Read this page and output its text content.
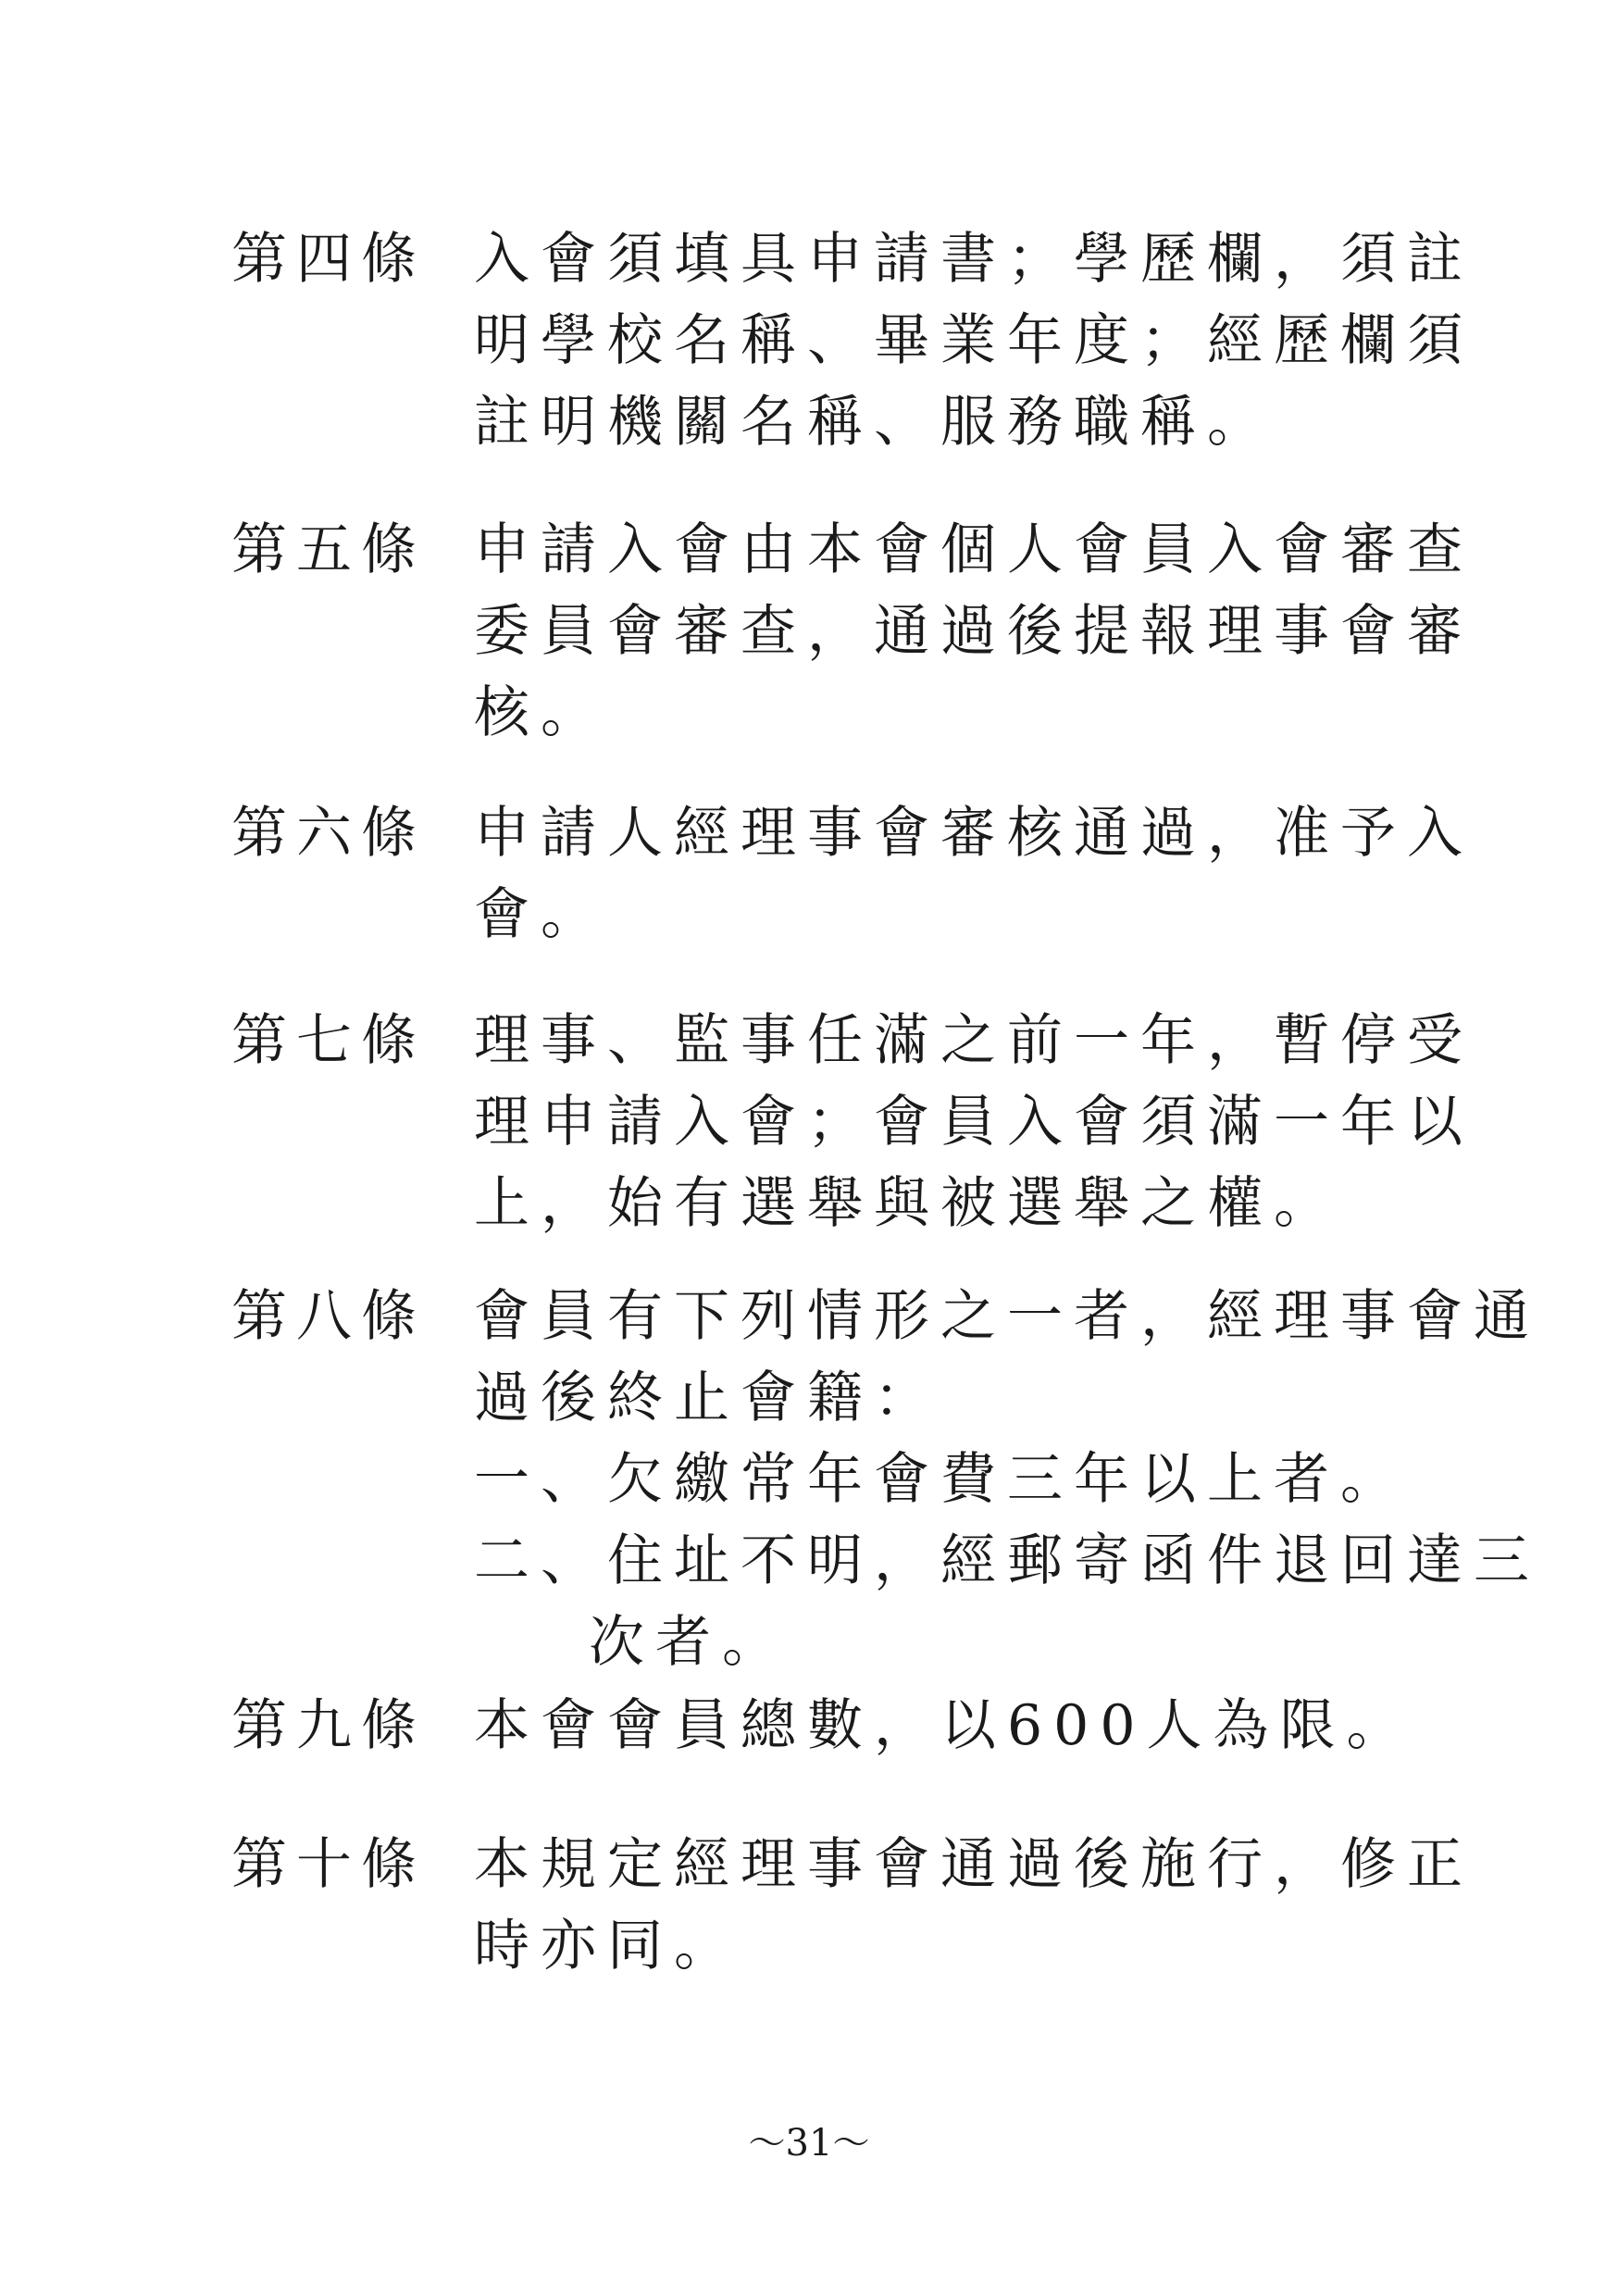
第四條 入會須填具申請書；學歷欄，須註
明學校名稱、畢業年度；經歷欄須
註明機關名稱、服務職稱。
第五條 申請入會由本會個人會員入會審查
委員會審查，通過後提報理事會審
核。
第六條 申請人經理事會審核通過，准予入
會。
第七條 理事、監事任滿之前一年，暫停受
理申請入會；會員入會須滿一年以
上，始有選舉與被選舉之權。
第八條 會員有下列情形之一者，經理事會通
過後終止會籍：
一、欠繳常年會費三年以上者。
二、住址不明，經郵寄函件退回達三
次者。
第九條 本會會員總數，以600人為限。
第十條 本規定經理事會通過後施行，修正
時亦同。
～31～
